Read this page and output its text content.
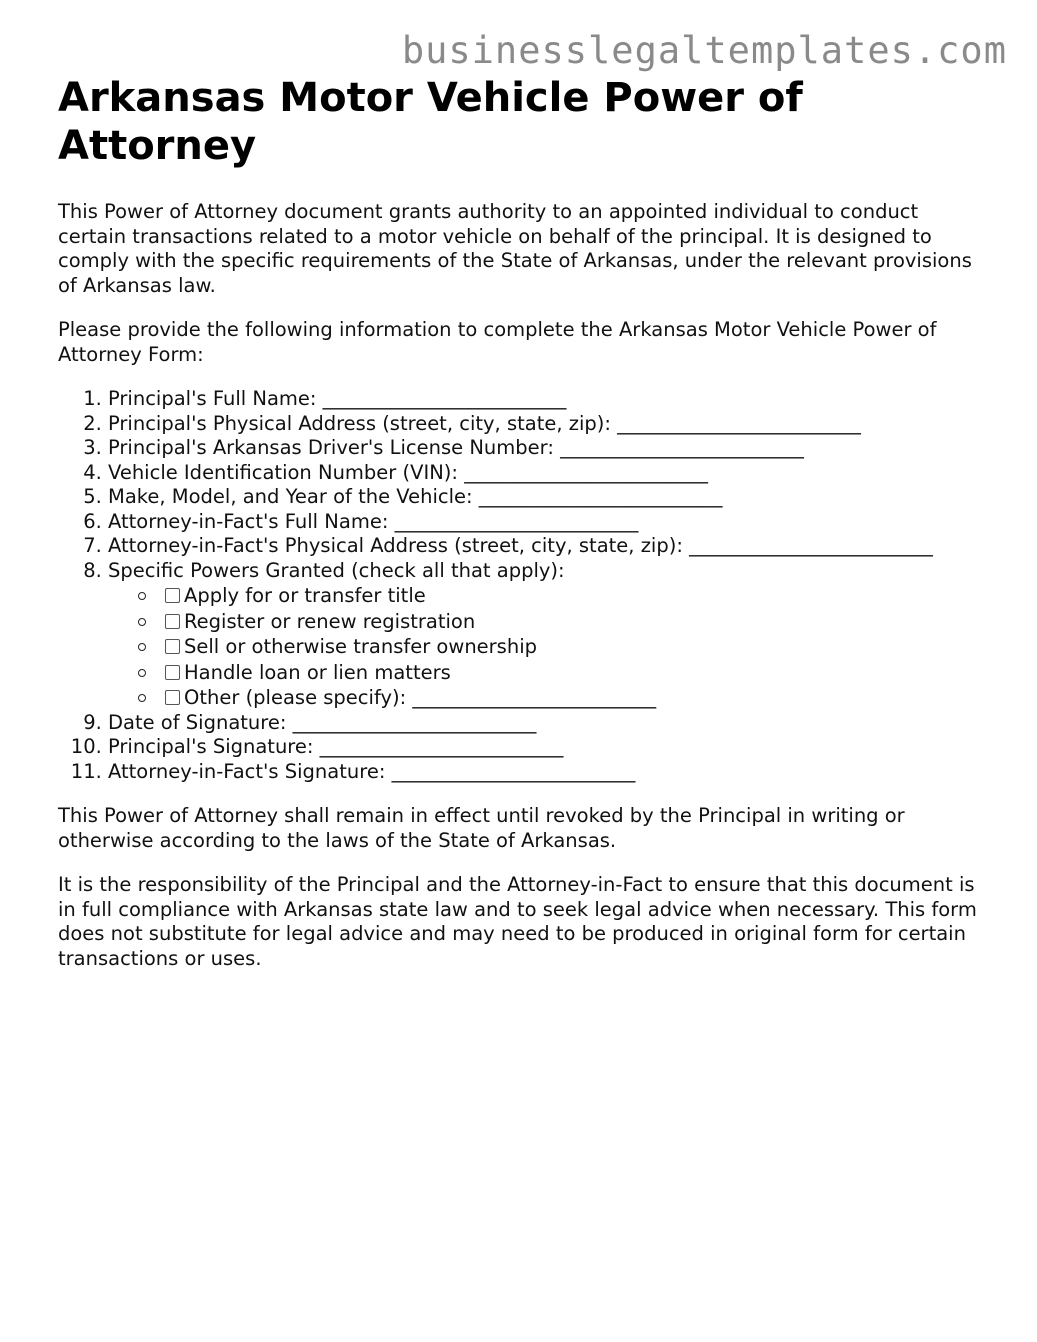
businesslegaltemplates.com
Arkansas Motor Vehicle Power of Attorney

This Power of Attorney document grants authority to an appointed individual to conduct certain transactions related to a motor vehicle on behalf of the principal. It is designed to comply with the specific requirements of the State of Arkansas, under the relevant provisions of Arkansas law.

Please provide the following information to complete the Arkansas Motor Vehicle Power of Attorney Form:

1. Principal's Full Name: _________________________
2. Principal's Physical Address (street, city, state, zip): _________________________
3. Principal's Arkansas Driver's License Number: _________________________
4. Vehicle Identification Number (VIN): _________________________
5. Make, Model, and Year of the Vehicle: _________________________
6. Attorney-in-Fact's Full Name: _________________________
7. Attorney-in-Fact's Physical Address (street, city, state, zip): _________________________
8. Specific Powers Granted (check all that apply):
Apply for or transfer title
Register or renew registration
Sell or otherwise transfer ownership
Handle loan or lien matters
Other (please specify): _________________________
9. Date of Signature: _________________________
10. Principal's Signature: _________________________
11. Attorney-in-Fact's Signature: _________________________

This Power of Attorney shall remain in effect until revoked by the Principal in writing or otherwise according to the laws of the State of Arkansas.

It is the responsibility of the Principal and the Attorney-in-Fact to ensure that this document is in full compliance with Arkansas state law and to seek legal advice when necessary. This form does not substitute for legal advice and may need to be produced in original form for certain transactions or uses.
